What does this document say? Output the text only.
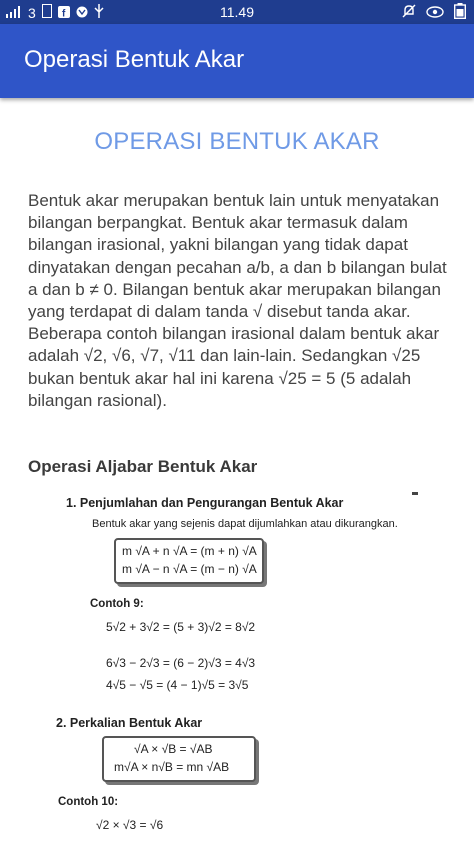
3	f	11.49
Operasi Bentuk Akar
OPERASI BENTUK AKAR
Bentuk akar merupakan bentuk lain untuk menyatakan bilangan berpangkat. Bentuk akar termasuk dalam bilangan irasional, yakni bilangan yang tidak dapat dinyatakan dengan pecahan a/b, a dan b bilangan bulat a dan b ≠ 0. Bilangan bentuk akar merupakan bilangan yang terdapat di dalam tanda √ disebut tanda akar. Beberapa contoh bilangan irasional dalam bentuk akar adalah √2, √6, √7, √11 dan lain-lain. Sedangkan √25 bukan bentuk akar hal ini karena √25 = 5 (5 adalah bilangan rasional).
Operasi Aljabar Bentuk Akar
1. Penjumlahan dan Pengurangan Bentuk Akar
Bentuk akar yang sejenis dapat dijumlahkan atau dikurangkan.
m √A + n √A = (m + n) √A
m √A − n √A = (m − n) √A
Contoh 9:
5√2 + 3√2 = (5 + 3)√2 = 8√2
6√3 − 2√3 = (6 − 2)√3 = 4√3
4√5 − √5 = (4 − 1)√5 = 3√5
2. Perkalian Bentuk Akar
√A × √B = √AB
m√A × n√B = mn √AB
Contoh 10:
√2 × √3 = √6
